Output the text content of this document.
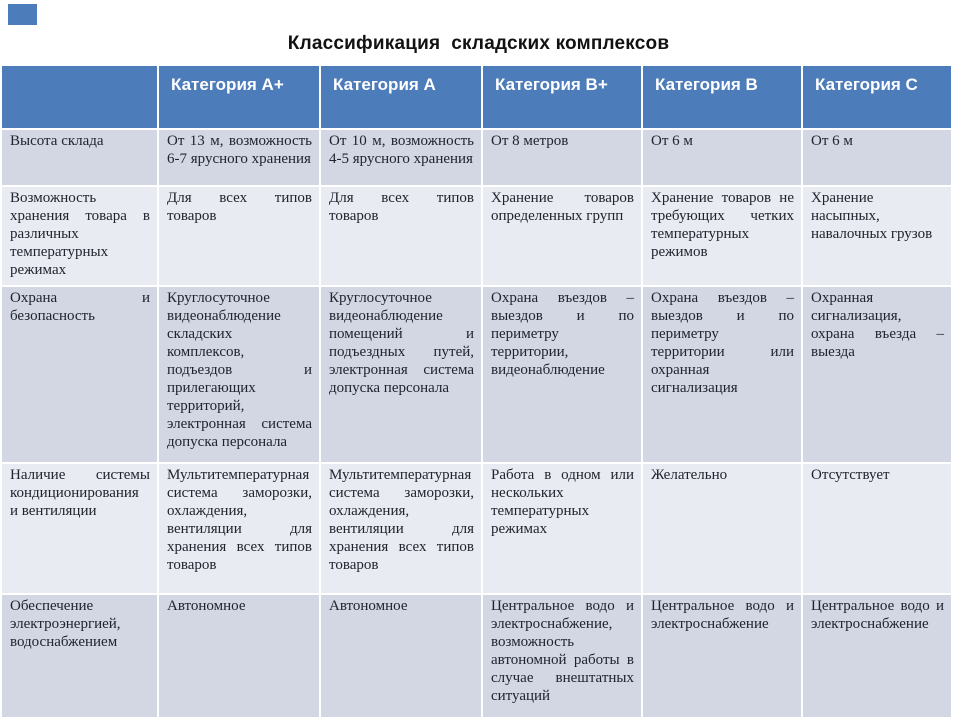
Классификация  складских комплексов
	Категория A+	Категория A	Категория B+	Категория B	Категория C
Высота склада	От 13 м, возможность 6-7 ярусного хранения	От 10 м, возможность 4-5 ярусного хранения	От 8 метров	От 6 м	От 6 м
Возможность хранения товара в различных температурных режимах	Для всех типов товаров	Для всех типов товаров	Хранение товаров определенных групп	Хранение товаров не требующих четких температурных режимов	Хранение насыпных, навалочных грузов
Охрана и безопасность	Круглосуточное видеонаблюдение складских комплексов, подъездов и прилегающих территорий, электронная система допуска персонала	Круглосуточное видеонаблюдение помещений и подъездных путей, электронная система допуска персонала	Охрана въездов – выездов и по периметру территории, видеонаблюдение	Охрана въездов – выездов и по периметру территории или охранная сигнализация	Охранная сигнализация, охрана въезда – выезда
Наличие системы кондиционирования и вентиляции	Мультитемпературная система заморозки, охлаждения, вентиляции для хранения всех типов товаров	Мультитемпературная система заморозки, охлаждения, вентиляции для хранения всех типов товаров	Работа в одном или нескольких температурных режимах	Желательно	Отсутствует
Обеспечение электроэнергией, водоснабжением	Автономное	Автономное	Центральное водо и электроснабжение, возможность автономной работы в случае внештатных ситуаций	Центральное водо и электроснабжение	Центральное водо и электроснабжение
